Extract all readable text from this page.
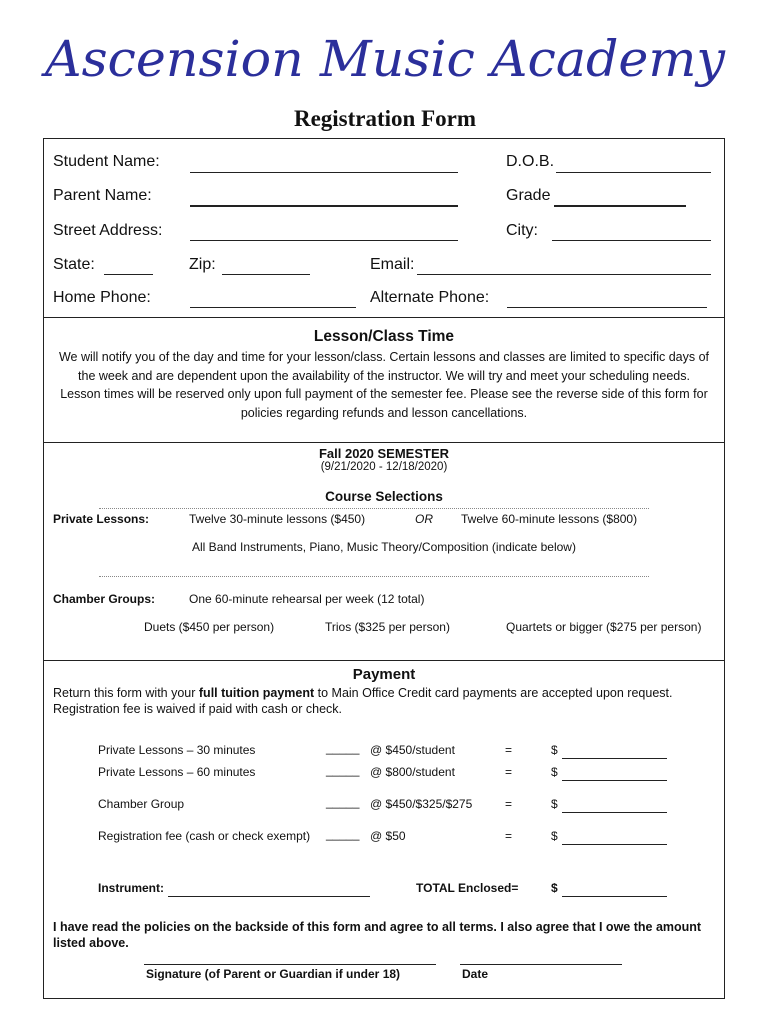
Ascension Music Academy
Registration Form
Student Name:	D.O.B.
Parent Name:	Grade
Street Address:	City:
State:	Zip:	Email:
Home Phone:	Alternate Phone:
Lesson/Class Time
We will notify you of the day and time for your lesson/class. Certain lessons and classes are limited to specific days of
the week and are dependent upon the availability of the instructor. We will try and meet your scheduling needs.
Lesson times will be reserved only upon full payment of the semester fee. Please see the reverse side of this form for
policies regarding refunds and lesson cancellations.
Fall 2020 SEMESTER
(9/21/2020 - 12/18/2020)
Course Selections
Private Lessons:	Twelve 30-minute lessons ($450)	OR Twelve 60-minute lessons ($800)
All Band Instruments, Piano, Music Theory/Composition (indicate below)
Chamber Groups:	One 60-minute rehearsal per week (12 total)
Duets ($450 per person)	Trios ($325 per person)	Quartets or bigger ($275 per person)
Payment
Return this form with your full tuition payment to Main Office Credit card payments are accepted upon request.
Registration fee is waived if paid with cash or check.
Private Lessons – 30 minutes	_____ @ $450/student	=	$
Private Lessons – 60 minutes	_____ @ $800/student	=	$
Chamber Group	_____ @ $450/$325/$275	=	$
Registration fee (cash or check exempt) _____ @ $50	=	$
Instrument:	TOTAL Enclosed=	$
I have read the policies on the backside of this form and agree to all terms. I also agree that I owe the amount
listed above.
Signature (of Parent or Guardian if under 18)	Date
